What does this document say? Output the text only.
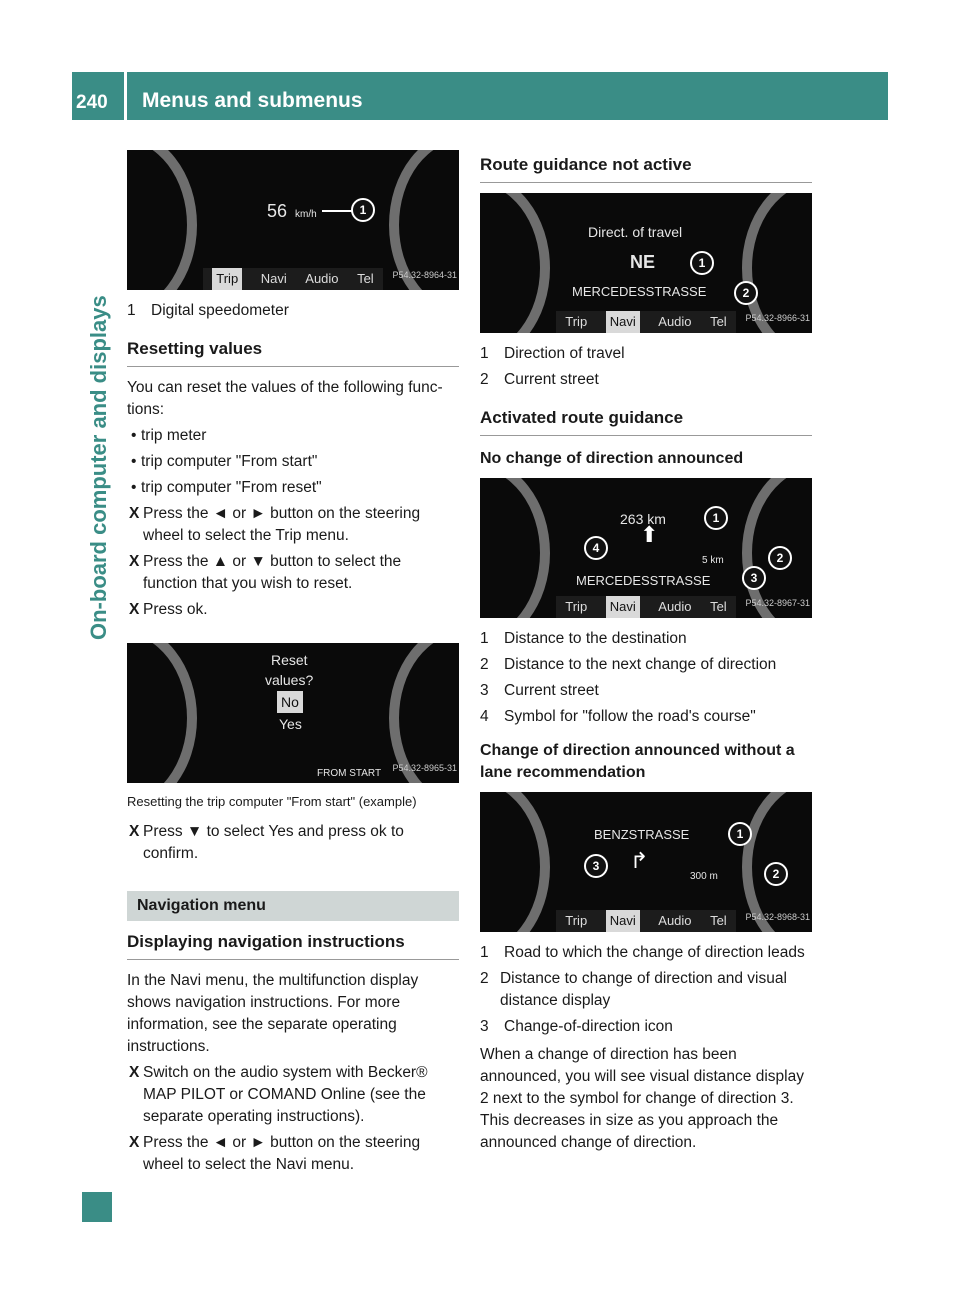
240 Menus and submenus
On-board computer and displays
56 km/h	1
Trip	Navi Audio Tel P54.32-8964-31
1 Digital speedometer
Resetting values
You can reset the values of the following functions:
• trip meter
• trip computer "From start"
• trip computer "From reset"
X Press the ◄ or ► button on the steering wheel to select the Trip menu.
X Press the ▲ or ▼ button to select the function that you wish to reset.
X Press ok.
Reset
values?
No
Yes
FROM START P54.32-8965-31
Resetting the trip computer "From start" (example)
X Press ▼ to select Yes and press ok to confirm.
Navigation menu
Displaying navigation instructions
In the Navi menu, the multifunction display shows navigation instructions. For more information, see the separate operating instructions.
X Switch on the audio system with Becker® MAP PILOT or COMAND Online (see the separate operating instructions).
X Press the ◄ or ► button on the steering wheel to select the Navi menu.
Route guidance not active
Direct. of travel
NE
MERCEDESSTRASSE
1
2
Trip	Navi	Audio Tel P54.32-8966-31
1 Direction of travel
2 Current street
Activated route guidance
No change of direction announced
263 km
⬆
5 km
MERCEDESSTRASSE
1
2
3
4
Trip	Navi	Audio Tel P54.32-8967-31
1 Distance to the destination
2 Distance to the next change of direction
3 Current street
4 Symbol for "follow the road's course"
Change of direction announced without a lane recommendation
BENZSTRASSE
↱
300 m
1
2
3
Trip	Navi	Audio Tel P54.32-8968-31
1 Road to which the change of direction leads
2 Distance to change of direction and visual distance display
3 Change-of-direction icon
When a change of direction has been announced, you will see visual distance display 2 next to the symbol for change of direction 3. This decreases in size as you approach the announced change of direction.
